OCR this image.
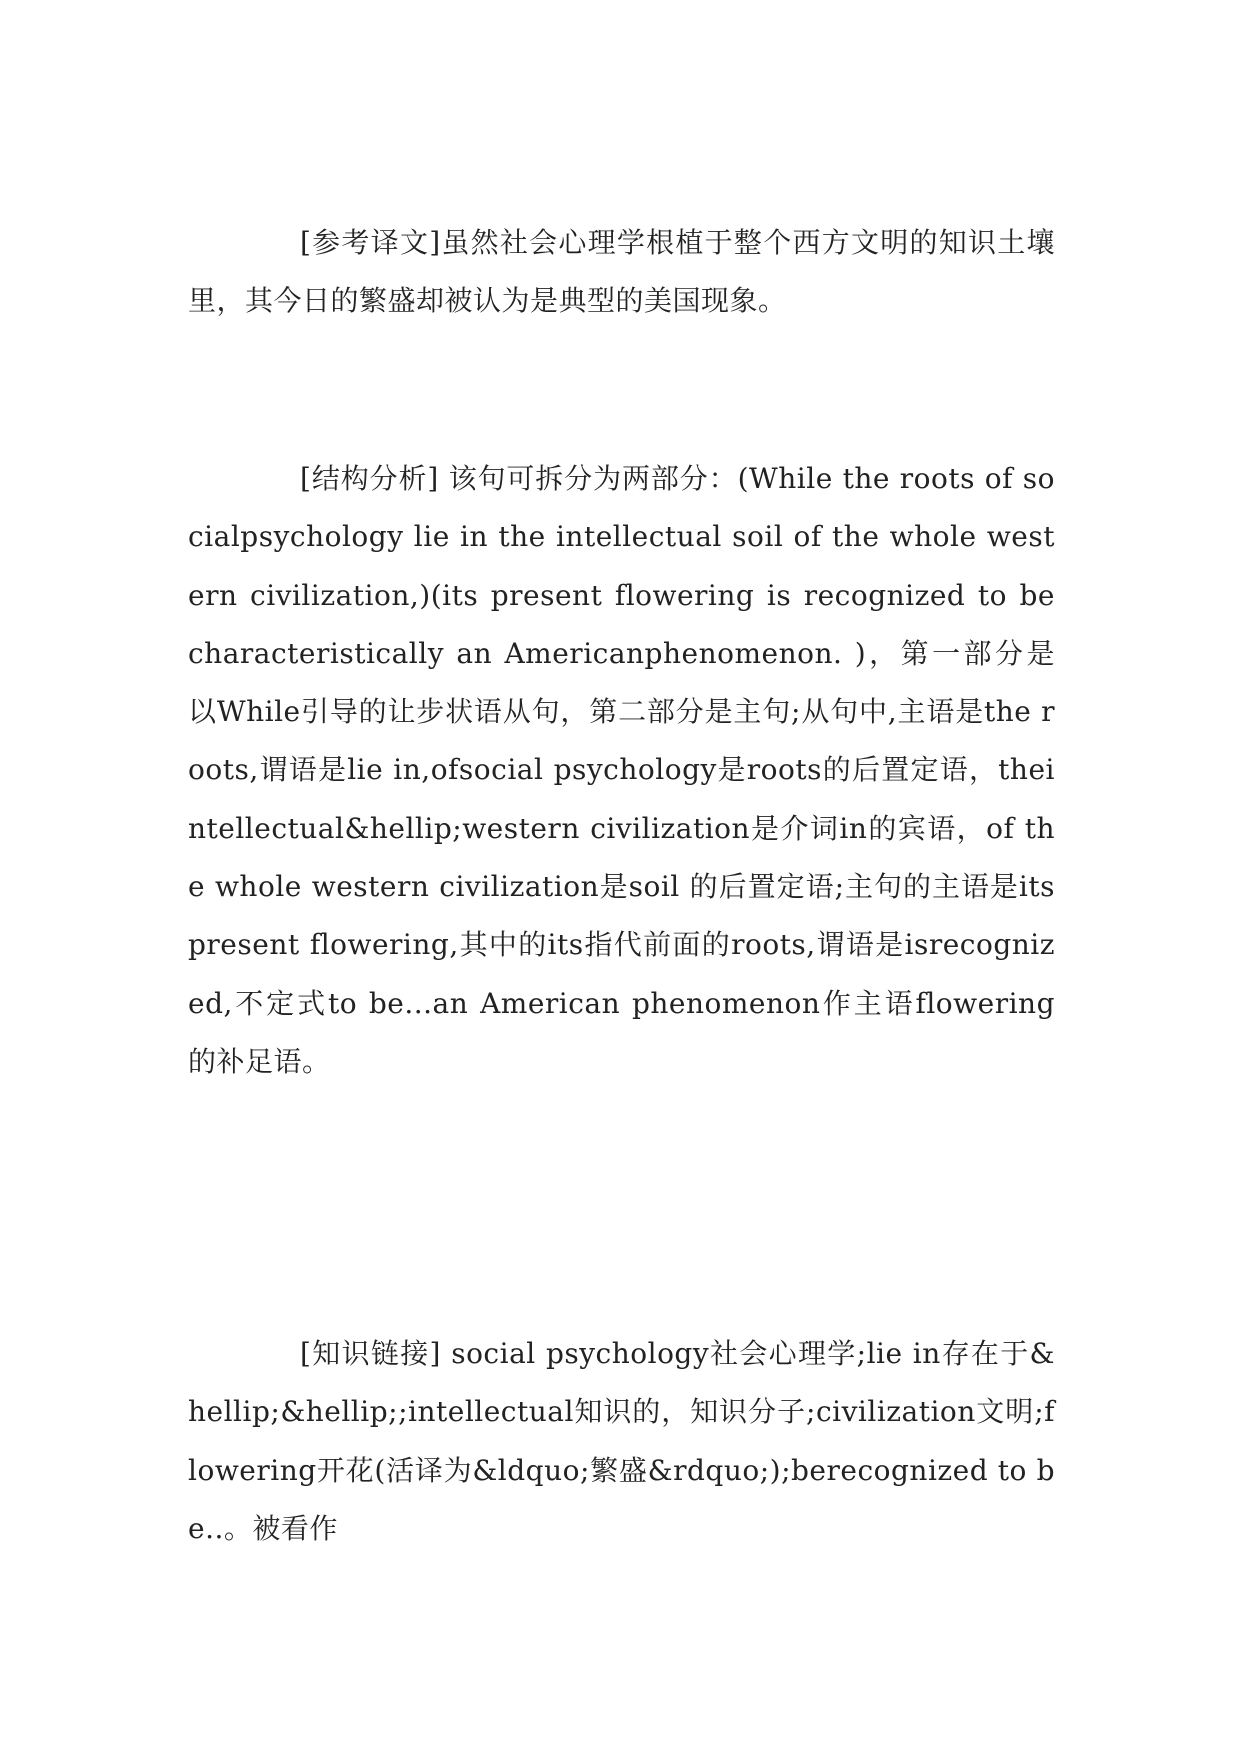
[参考译文]虽然社会心理学根植于整个西方文明的知识土壤里，其今日的繁盛却被认为是典型的美国现象。

[结构分析] 该句可拆分为两部分：(While the roots of socialpsychology lie in the intellectual soil of the whole western civilization,)(its present flowering is recognized to be characteristically an Americanphenomenon. )，第一部分是以While引导的让步状语从句，第二部分是主句;从句中,主语是the roots,谓语是lie in,ofsocial psychology是roots的后置定语，theintellectual&hellip;western civilization是介词in的宾语，of the whole western civilization是soil 的后置定语;主句的主语是its present flowering,其中的its指代前面的roots,谓语是isrecognized,不定式to be...an American phenomenon作主语flowering的补足语。

[知识链接] social psychology社会心理学;lie in存在于&hellip;&hellip;;intellectual知识的，知识分子;civilization文明;flowering开花(活译为&ldquo;繁盛&rdquo;);berecognized to be..。被看作
